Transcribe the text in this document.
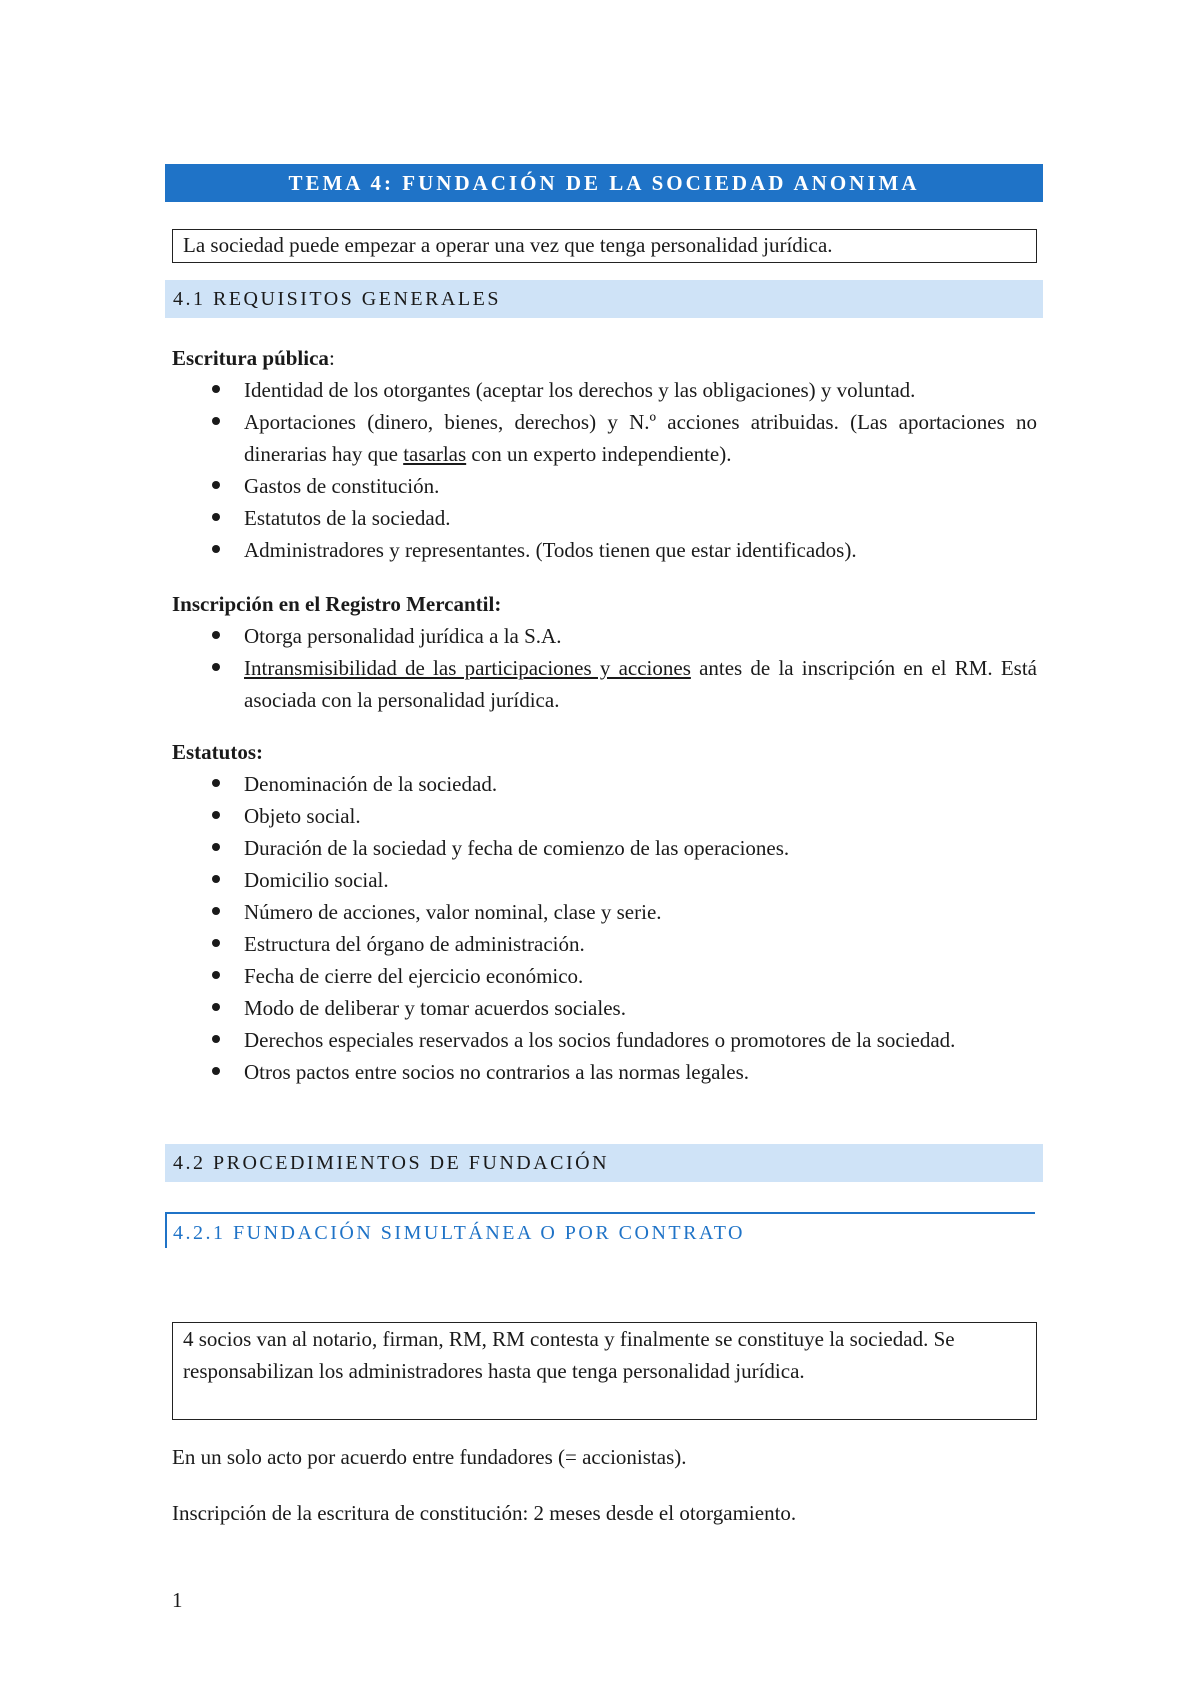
TEMA 4: FUNDACIÓN DE LA SOCIEDAD ANONIMA
La sociedad puede empezar a operar una vez que tenga personalidad jurídica.
4.1 REQUISITOS GENERALES
Escritura pública:
Identidad de los otorgantes (aceptar los derechos y las obligaciones) y voluntad.
Aportaciones (dinero, bienes, derechos) y N.º acciones atribuidas. (Las aportaciones no dinerarias hay que tasarlas con un experto independiente).
Gastos de constitución.
Estatutos de la sociedad.
Administradores y representantes. (Todos tienen que estar identificados).
Inscripción en el Registro Mercantil:
Otorga personalidad jurídica a la S.A.
Intransmisibilidad de las participaciones y acciones antes de la inscripción en el RM. Está asociada con la personalidad jurídica.
Estatutos:
Denominación de la sociedad.
Objeto social.
Duración de la sociedad y fecha de comienzo de las operaciones.
Domicilio social.
Número de acciones, valor nominal, clase y serie.
Estructura del órgano de administración.
Fecha de cierre del ejercicio económico.
Modo de deliberar y tomar acuerdos sociales.
Derechos especiales reservados a los socios fundadores o promotores de la sociedad.
Otros pactos entre socios no contrarios a las normas legales.
4.2 PROCEDIMIENTOS DE FUNDACIÓN
4.2.1 FUNDACIÓN SIMULTÁNEA O POR CONTRATO
4 socios van al notario, firman, RM, RM contesta y finalmente se constituye la sociedad. Se responsabilizan los administradores hasta que tenga personalidad jurídica.
En un solo acto por acuerdo entre fundadores (= accionistas).
Inscripción de la escritura de constitución: 2 meses desde el otorgamiento.
1
